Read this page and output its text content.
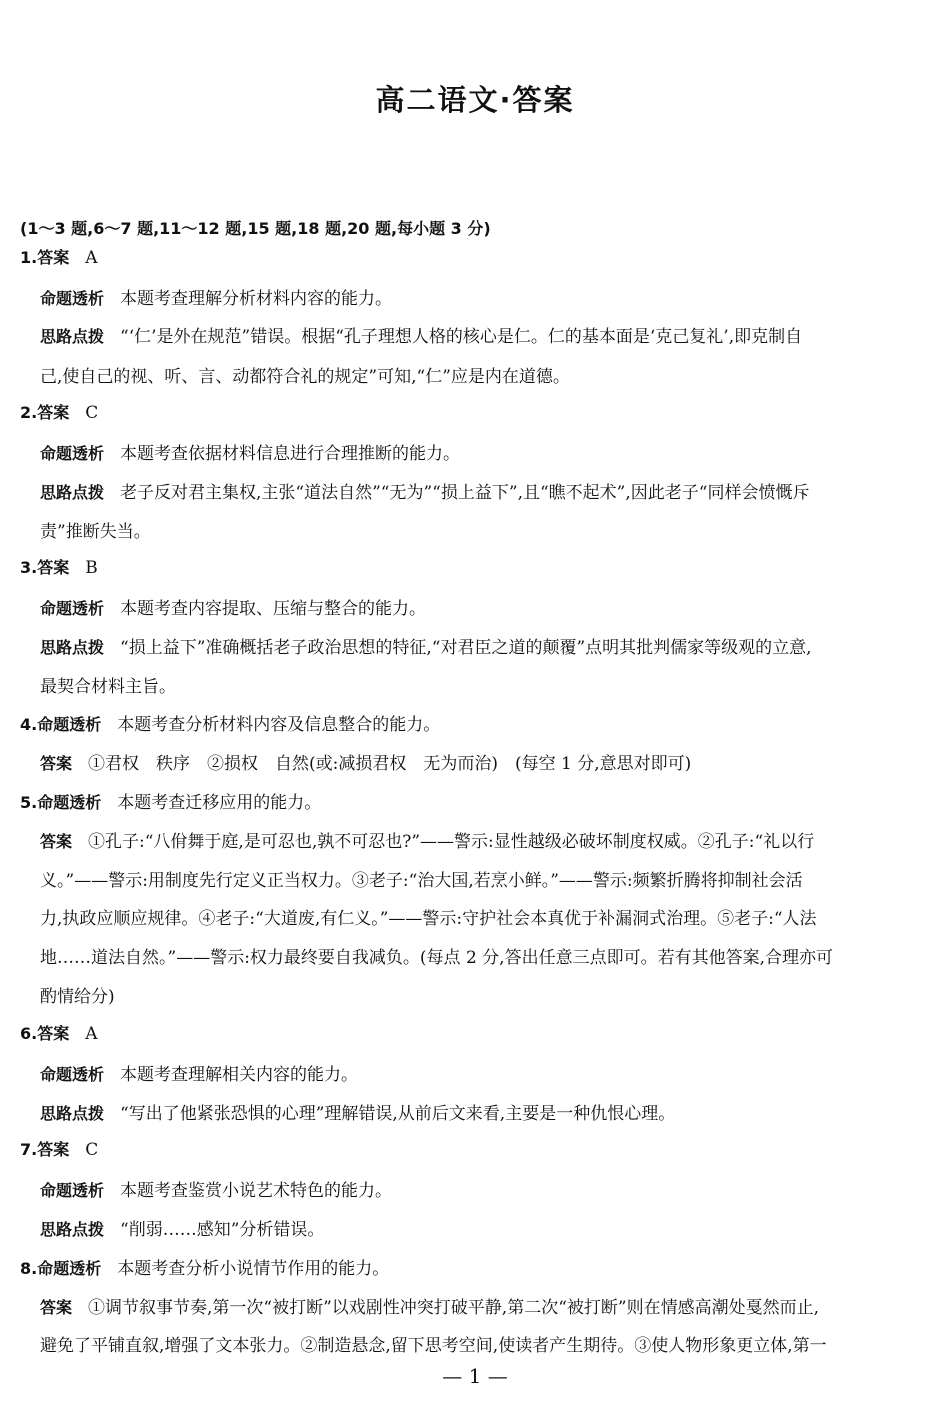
高二语文·答案
(1～3 题,6～7 题,11～12 题,15 题,18 题,20 题,每小题 3 分)
1.答案 A
命题透析 本题考查理解分析材料内容的能力。
思路点拨 “‘仁’是外在规范”错误。根据“孔子理想人格的核心是仁。仁的基本面是‘克己复礼’,即克制自
己,使自己的视、听、言、动都符合礼的规定”可知,“仁”应是内在道德。
2.答案 C
命题透析 本题考查依据材料信息进行合理推断的能力。
思路点拨 老子反对君主集权,主张“道法自然”“无为”“损上益下”,且“瞧不起术”,因此老子“同样会愤慨斥
责”推断失当。
3.答案 B
命题透析 本题考查内容提取、压缩与整合的能力。
思路点拨 “损上益下”准确概括老子政治思想的特征,“对君臣之道的颠覆”点明其批判儒家等级观的立意,
最契合材料主旨。
4.命题透析 本题考查分析材料内容及信息整合的能力。
答案 ①君权　秩序　②损权　自然(或:减损君权　无为而治)　(每空 1 分,意思对即可)
5.命题透析 本题考查迁移应用的能力。
答案 ①孔子:“八佾舞于庭,是可忍也,孰不可忍也?”——警示:显性越级必破坏制度权威。②孔子:“礼以行
义。”——警示:用制度先行定义正当权力。③老子:“治大国,若烹小鲜。”——警示:频繁折腾将抑制社会活
力,执政应顺应规律。④老子:“大道废,有仁义。”——警示:守护社会本真优于补漏洞式治理。⑤老子:“人法
地……道法自然。”——警示:权力最终要自我减负。(每点 2 分,答出任意三点即可。若有其他答案,合理亦可
酌情给分)
6.答案 A
命题透析 本题考查理解相关内容的能力。
思路点拨 “写出了他紧张恐惧的心理”理解错误,从前后文来看,主要是一种仇恨心理。
7.答案 C
命题透析 本题考查鉴赏小说艺术特色的能力。
思路点拨 “削弱……感知”分析错误。
8.命题透析 本题考查分析小说情节作用的能力。
答案 ①调节叙事节奏,第一次“被打断”以戏剧性冲突打破平静,第二次“被打断”则在情感高潮处戛然而止,
避免了平铺直叙,增强了文本张力。②制造悬念,留下思考空间,使读者产生期待。③使人物形象更立体,第一
— 1 —
